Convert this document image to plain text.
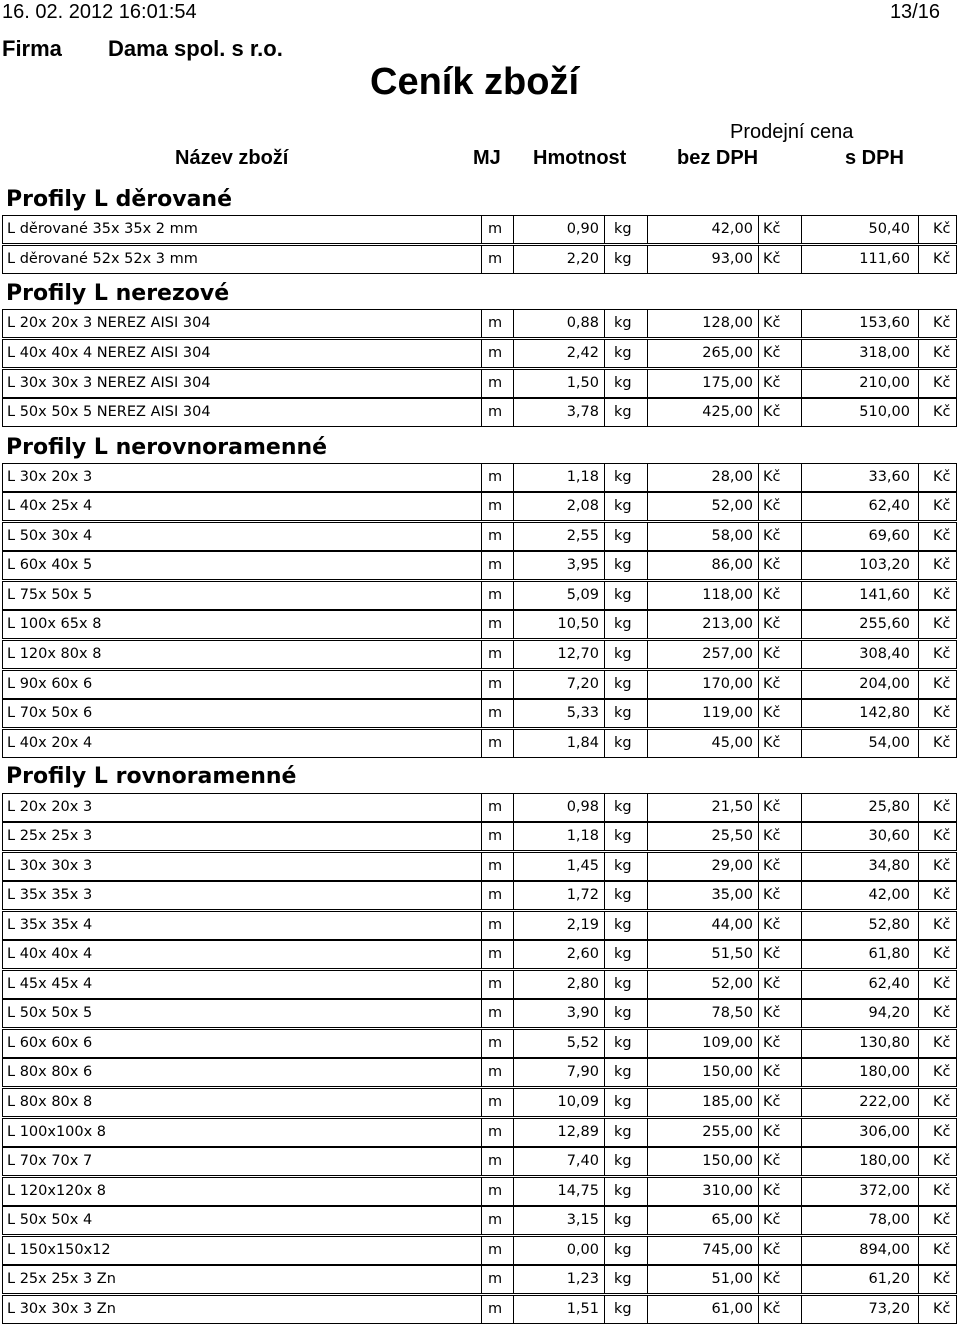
16. 02. 2012 16:01:54	13/16
Firma Dama spol. s r.o.
Ceník zboží
Prodejní cena
Název zboží	MJ Hmotnost	bez DPH	s DPH
Profily L děrované
L děrované 35x 35x 2 mm	m	0,90 kg	42,00 Kč	50,40 Kč
L děrované 52x 52x 3 mm	m	2,20 kg	93,00 Kč	111,60 Kč
Profily L nerezové
L 20x 20x 3 NEREZ AISI 304	m	0,88 kg	128,00 Kč	153,60 Kč
L 40x 40x 4 NEREZ AISI 304	m	2,42 kg	265,00 Kč	318,00 Kč
L 30x 30x 3 NEREZ AISI 304	m	1,50 kg	175,00 Kč	210,00 Kč
L 50x 50x 5 NEREZ AISI 304	m	3,78 kg	425,00 Kč	510,00 Kč
Profily L nerovnoramenné
L 30x 20x 3	m	1,18 kg	28,00 Kč	33,60 Kč
L 40x 25x 4	m	2,08 kg	52,00 Kč	62,40 Kč
L 50x 30x 4	m	2,55 kg	58,00 Kč	69,60 Kč
L 60x 40x 5	m	3,95 kg	86,00 Kč	103,20 Kč
L 75x 50x 5	m	5,09 kg	118,00 Kč	141,60 Kč
L 100x 65x 8	m	10,50 kg	213,00 Kč	255,60 Kč
L 120x 80x 8	m	12,70 kg	257,00 Kč	308,40 Kč
L 90x 60x 6	m	7,20 kg	170,00 Kč	204,00 Kč
L 70x 50x 6	m	5,33 kg	119,00 Kč	142,80 Kč
L 40x 20x 4	m	1,84 kg	45,00 Kč	54,00 Kč
Profily L rovnoramenné
L 20x 20x 3	m	0,98 kg	21,50 Kč	25,80 Kč
L 25x 25x 3	m	1,18 kg	25,50 Kč	30,60 Kč
L 30x 30x 3	m	1,45 kg	29,00 Kč	34,80 Kč
L 35x 35x 3	m	1,72 kg	35,00 Kč	42,00 Kč
L 35x 35x 4	m	2,19 kg	44,00 Kč	52,80 Kč
L 40x 40x 4	m	2,60 kg	51,50 Kč	61,80 Kč
L 45x 45x 4	m	2,80 kg	52,00 Kč	62,40 Kč
L 50x 50x 5	m	3,90 kg	78,50 Kč	94,20 Kč
L 60x 60x 6	m	5,52 kg	109,00 Kč	130,80 Kč
L 80x 80x 6	m	7,90 kg	150,00 Kč	180,00 Kč
L 80x 80x 8	m	10,09 kg	185,00 Kč	222,00 Kč
L 100x100x 8	m	12,89 kg	255,00 Kč	306,00 Kč
L 70x 70x 7	m	7,40 kg	150,00 Kč	180,00 Kč
L 120x120x 8	m	14,75 kg	310,00 Kč	372,00 Kč
L 50x 50x 4	m	3,15 kg	65,00 Kč	78,00 Kč
L 150x150x12	m	0,00 kg	745,00 Kč	894,00 Kč
L 25x 25x 3 Zn	m	1,23 kg	51,00 Kč	61,20 Kč
L 30x 30x 3 Zn	m	1,51 kg	61,00 Kč	73,20 Kč
